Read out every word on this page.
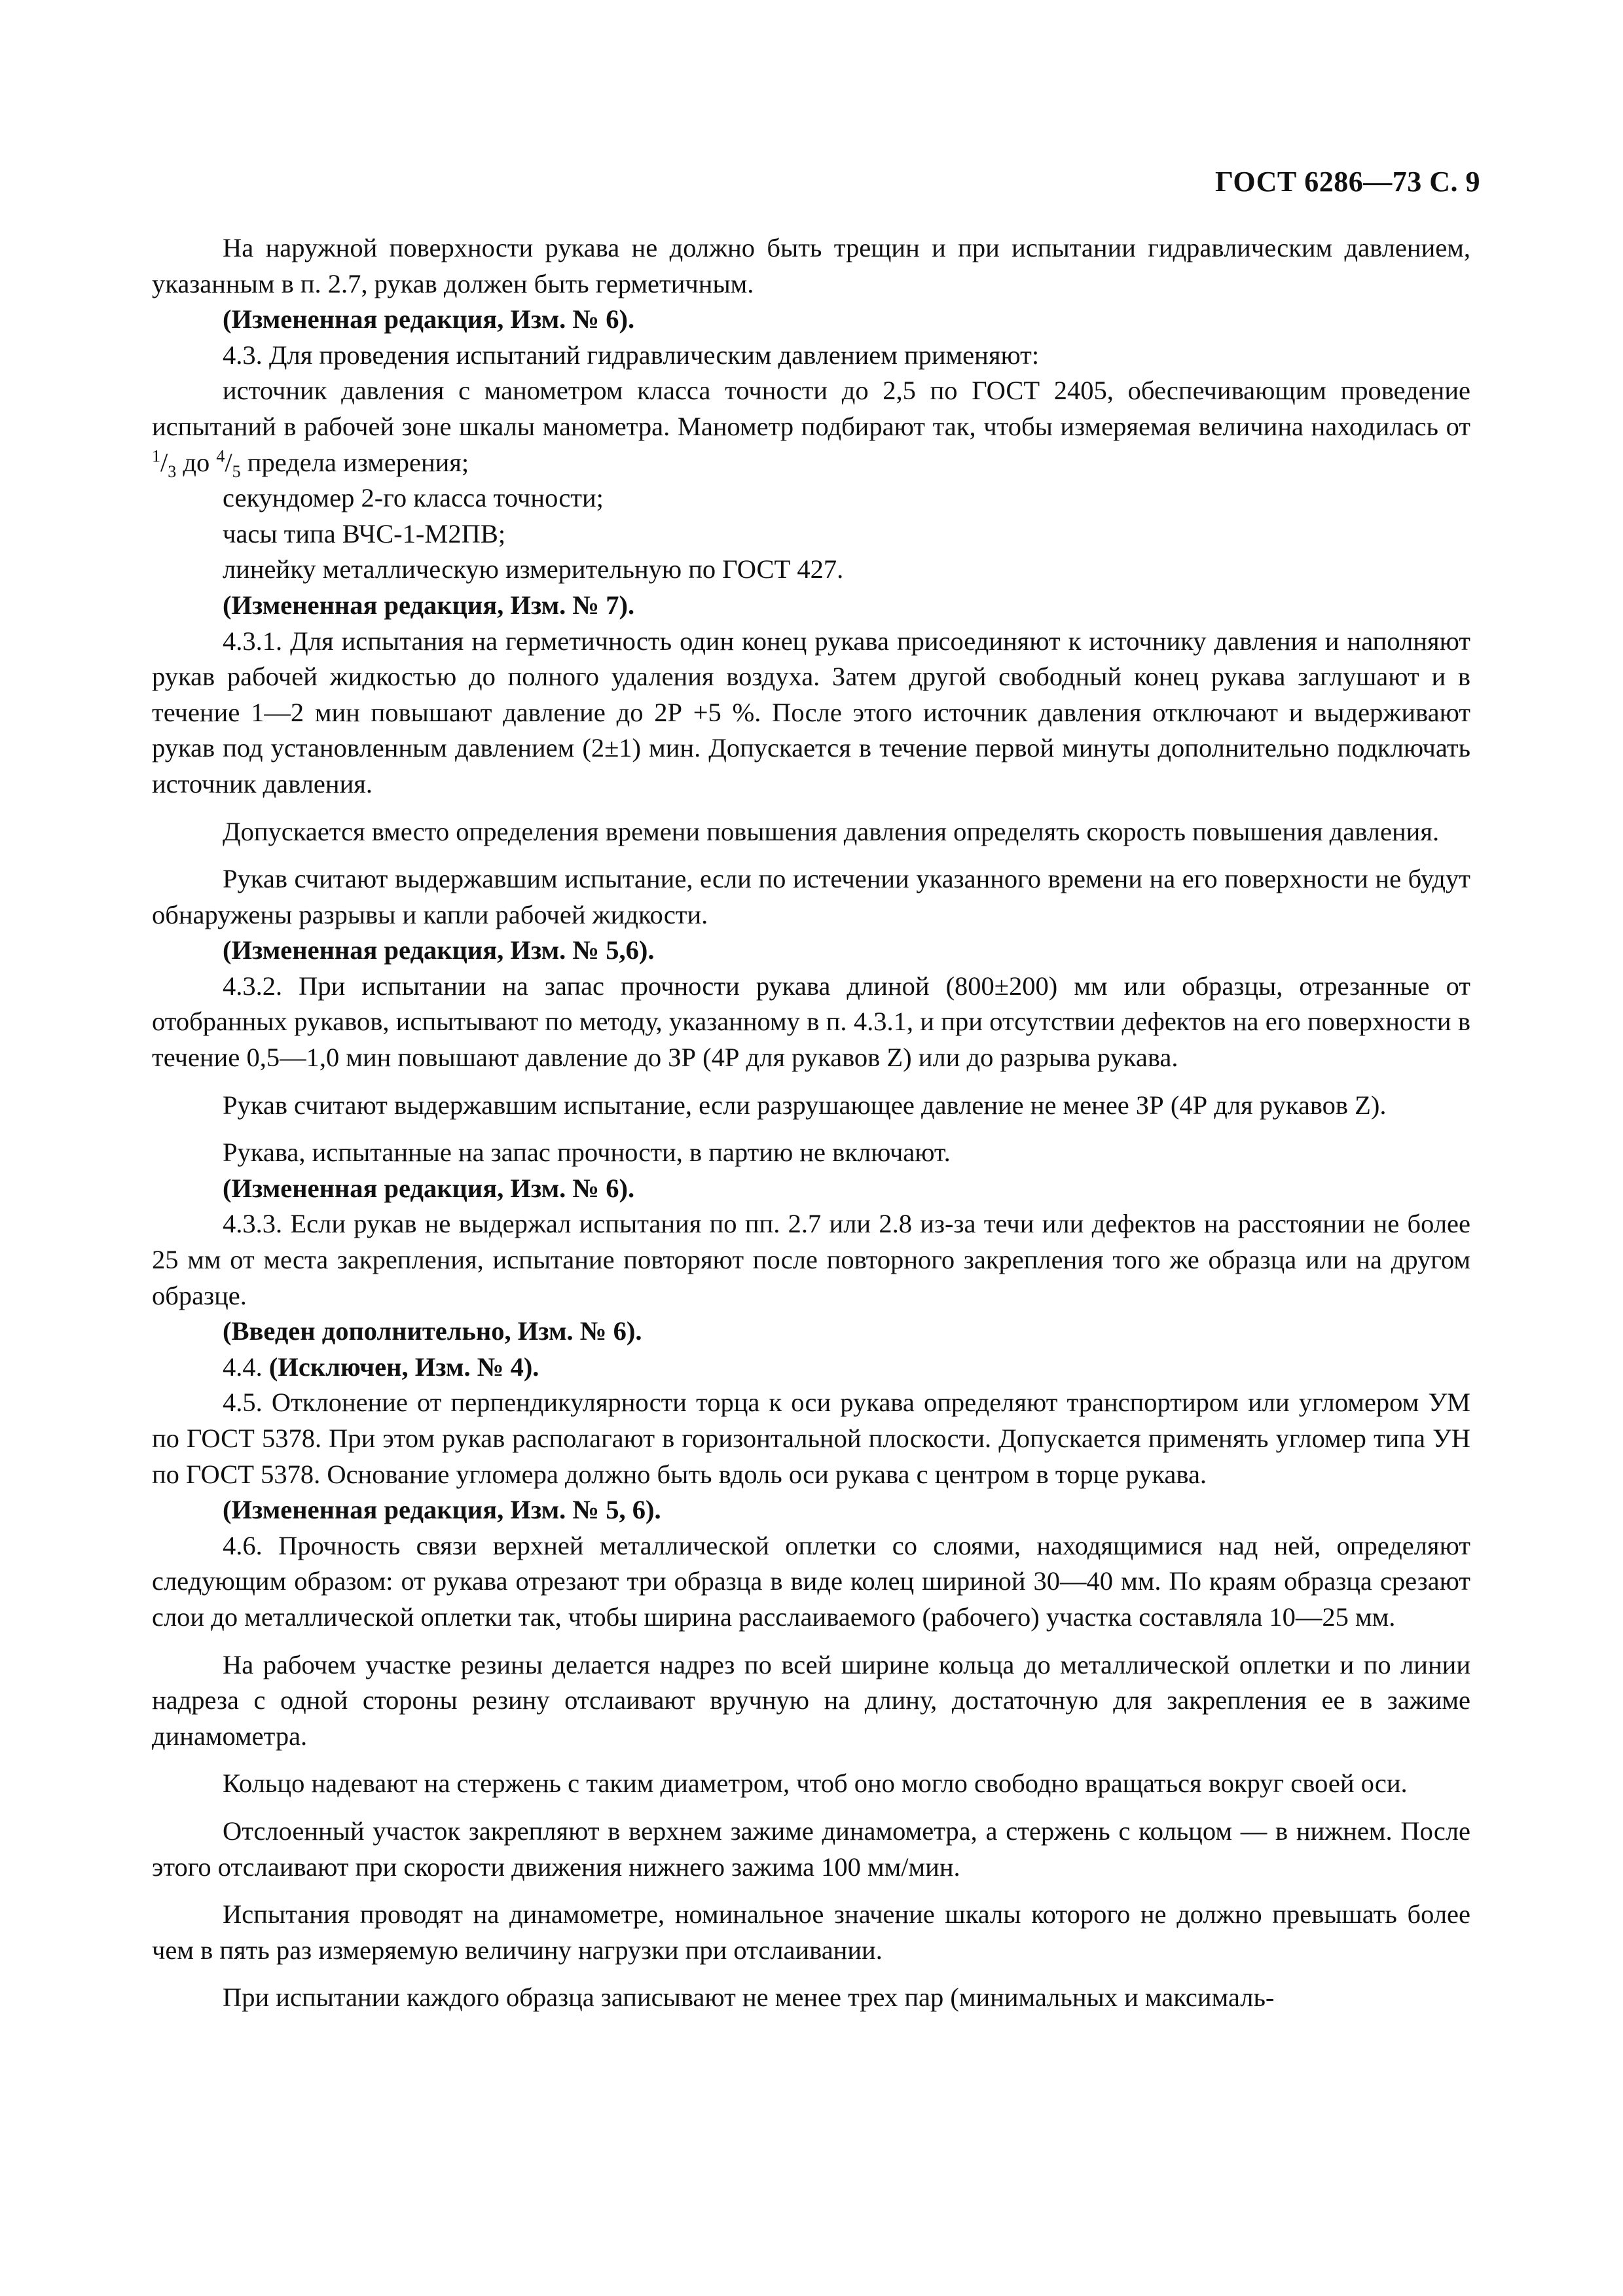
ГОСТ 6286—73 С. 9

На наружной поверхности рукава не должно быть трещин и при испытании гидравлическим давлением, указанным в п. 2.7, рукав должен быть герметичным.

(Измененная редакция, Изм. № 6).

4.3. Для проведения испытаний гидравлическим давлением применяют:

источник давления с манометром класса точности до 2,5 по ГОСТ 2405, обеспечивающим проведение испытаний в рабочей зоне шкалы манометра. Манометр подбирают так, чтобы измеряемая величина находилась от $^1/_3$ до $^4/_5$ предела измерения;

секундомер 2-го класса точности;

часы типа ВЧС-1-М2ПВ;

линейку металлическую измерительную по ГОСТ 427.

(Измененная редакция, Изм. № 7).

4.3.1. Для испытания на герметичность один конец рукава присоединяют к источнику давления и наполняют рукав рабочей жидкостью до полного удаления воздуха. Затем другой свободный конец рукава заглушают и в течение 1—2 мин повышают давление до 2Р +5 %. После этого источник давления отключают и выдерживают рукав под установленным давлением (2±1) мин. Допускается в течение первой минуты дополнительно подключать источник давления.

Допускается вместо определения времени повышения давления определять скорость повышения давления.

Рукав считают выдержавшим испытание, если по истечении указанного времени на его поверхности не будут обнаружены разрывы и капли рабочей жидкости.

(Измененная редакция, Изм. № 5,6).

4.3.2. При испытании на запас прочности рукава длиной (800±200) мм или образцы, отрезанные от отобранных рукавов, испытывают по методу, указанному в п. 4.3.1, и при отсутствии дефектов на его поверхности в течение 0,5—1,0 мин повышают давление до ЗР (4Р для рукавов Z) или до разрыва рукава.

Рукав считают выдержавшим испытание, если разрушающее давление не менее ЗР (4Р для рукавов Z).

Рукава, испытанные на запас прочности, в партию не включают.

(Измененная редакция, Изм. № 6).

4.3.3. Если рукав не выдержал испытания по пп. 2.7 или 2.8 из-за течи или дефектов на расстоянии не более 25 мм от места закрепления, испытание повторяют после повторного закрепления того же образца или на другом образце.

(Введен дополнительно, Изм. № 6).

4.4. (Исключен, Изм. № 4).

4.5. Отклонение от перпендикулярности торца к оси рукава определяют транспортиром или угломером УМ по ГОСТ 5378. При этом рукав располагают в горизонтальной плоскости. Допускается применять угломер типа УН по ГОСТ 5378. Основание угломера должно быть вдоль оси рукава с центром в торце рукава.

(Измененная редакция, Изм. № 5, 6).

4.6. Прочность связи верхней металлической оплетки со слоями, находящимися над ней, определяют следующим образом: от рукава отрезают три образца в виде колец шириной 30—40 мм. По краям образца срезают слои до металлической оплетки так, чтобы ширина расслаиваемого (рабочего) участка составляла 10—25 мм.

На рабочем участке резины делается надрез по всей ширине кольца до металлической оплетки и по линии надреза с одной стороны резину отслаивают вручную на длину, достаточную для закрепления ее в зажиме динамометра.

Кольцо надевают на стержень с таким диаметром, чтоб оно могло свободно вращаться вокруг своей оси.

Отслоенный участок закрепляют в верхнем зажиме динамометра, а стержень с кольцом — в нижнем. После этого отслаивают при скорости движения нижнего зажима 100 мм/мин.

Испытания проводят на динамометре, номинальное значение шкалы которого не должно превышать более чем в пять раз измеряемую величину нагрузки при отслаивании.

При испытании каждого образца записывают не менее трех пар (минимальных и максималь-
